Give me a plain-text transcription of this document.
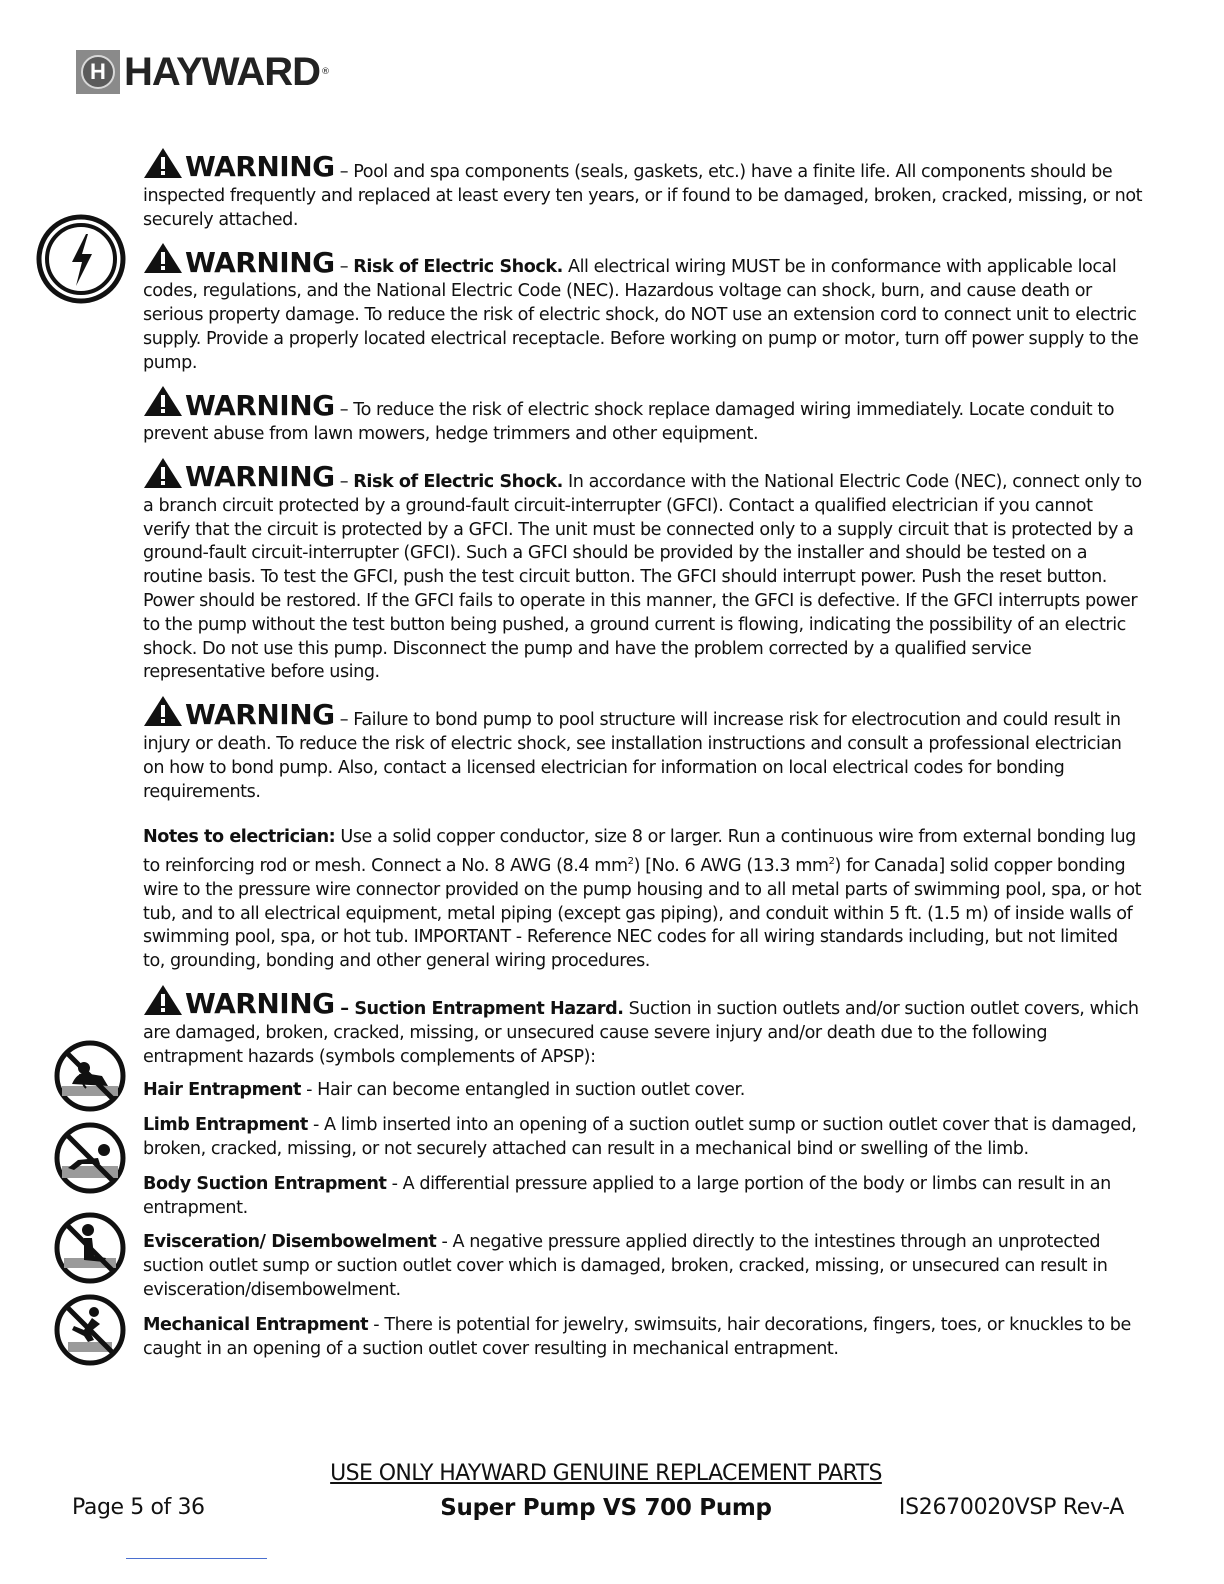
H HAYWARD ®

WARNING – Pool and spa components (seals, gaskets, etc.) have a finite life. All components should be inspected frequently and replaced at least every ten years, or if found to be damaged, broken, cracked, missing, or not securely attached.

WARNING – Risk of Electric Shock. All electrical wiring MUST be in conformance with applicable local codes, regulations, and the National Electric Code (NEC). Hazardous voltage can shock, burn, and cause death or serious property damage. To reduce the risk of electric shock, do NOT use an extension cord to connect unit to electric supply. Provide a properly located electrical receptacle. Before working on pump or motor, turn off power supply to the pump.

WARNING – To reduce the risk of electric shock replace damaged wiring immediately. Locate conduit to prevent abuse from lawn mowers, hedge trimmers and other equipment.

WARNING – Risk of Electric Shock. In accordance with the National Electric Code (NEC), connect only to a branch circuit protected by a ground-fault circuit-interrupter (GFCI). Contact a qualified electrician if you cannot verify that the circuit is protected by a GFCI. The unit must be connected only to a supply circuit that is protected by a ground-fault circuit-interrupter (GFCI). Such a GFCI should be provided by the installer and should be tested on a routine basis. To test the GFCI, push the test circuit button. The GFCI should interrupt power. Push the reset button. Power should be restored. If the GFCI fails to operate in this manner, the GFCI is defective. If the GFCI interrupts power to the pump without the test button being pushed, a ground current is flowing, indicating the possibility of an electric shock. Do not use this pump. Disconnect the pump and have the problem corrected by a qualified service representative before using.

WARNING – Failure to bond pump to pool structure will increase risk for electrocution and could result in injury or death. To reduce the risk of electric shock, see installation instructions and consult a professional electrician on how to bond pump. Also, contact a licensed electrician for information on local electrical codes for bonding requirements.

Notes to electrician: Use a solid copper conductor, size 8 or larger. Run a continuous wire from external bonding lug to reinforcing rod or mesh. Connect a No. 8 AWG (8.4 $mm^2$) [No. 6 AWG (13.3 $mm^2$) for Canada] solid copper bonding wire to the pressure wire connector provided on the pump housing and to all metal parts of swimming pool, spa, or hot tub, and to all electrical equipment, metal piping (except gas piping), and conduit within 5 ft. (1.5 m) of inside walls of swimming pool, spa, or hot tub. IMPORTANT - Reference NEC codes for all wiring standards including, but not limited to, grounding, bonding and other general wiring procedures.

WARNING – Suction Entrapment Hazard. Suction in suction outlets and/or suction outlet covers, which are damaged, broken, cracked, missing, or unsecured cause severe injury and/or death due to the following entrapment hazards (symbols complements of APSP):

Hair Entrapment - Hair can become entangled in suction outlet cover.

Limb Entrapment - A limb inserted into an opening of a suction outlet sump or suction outlet cover that is damaged, broken, cracked, missing, or not securely attached can result in a mechanical bind or swelling of the limb.

Body Suction Entrapment - A differential pressure applied to a large portion of the body or limbs can result in an entrapment.

Evisceration/ Disembowelment - A negative pressure applied directly to the intestines through an unprotected suction outlet sump or suction outlet cover which is damaged, broken, cracked, missing, or unsecured can result in evisceration/disembowelment.

Mechanical Entrapment - There is potential for jewelry, swimsuits, hair decorations, fingers, toes, or knuckles to be caught in an opening of a suction outlet cover resulting in mechanical entrapment.

USE ONLY HAYWARD GENUINE REPLACEMENT PARTS
Page 5 of 36	Super Pump VS 700 Pump	IS2670020VSP Rev-A
